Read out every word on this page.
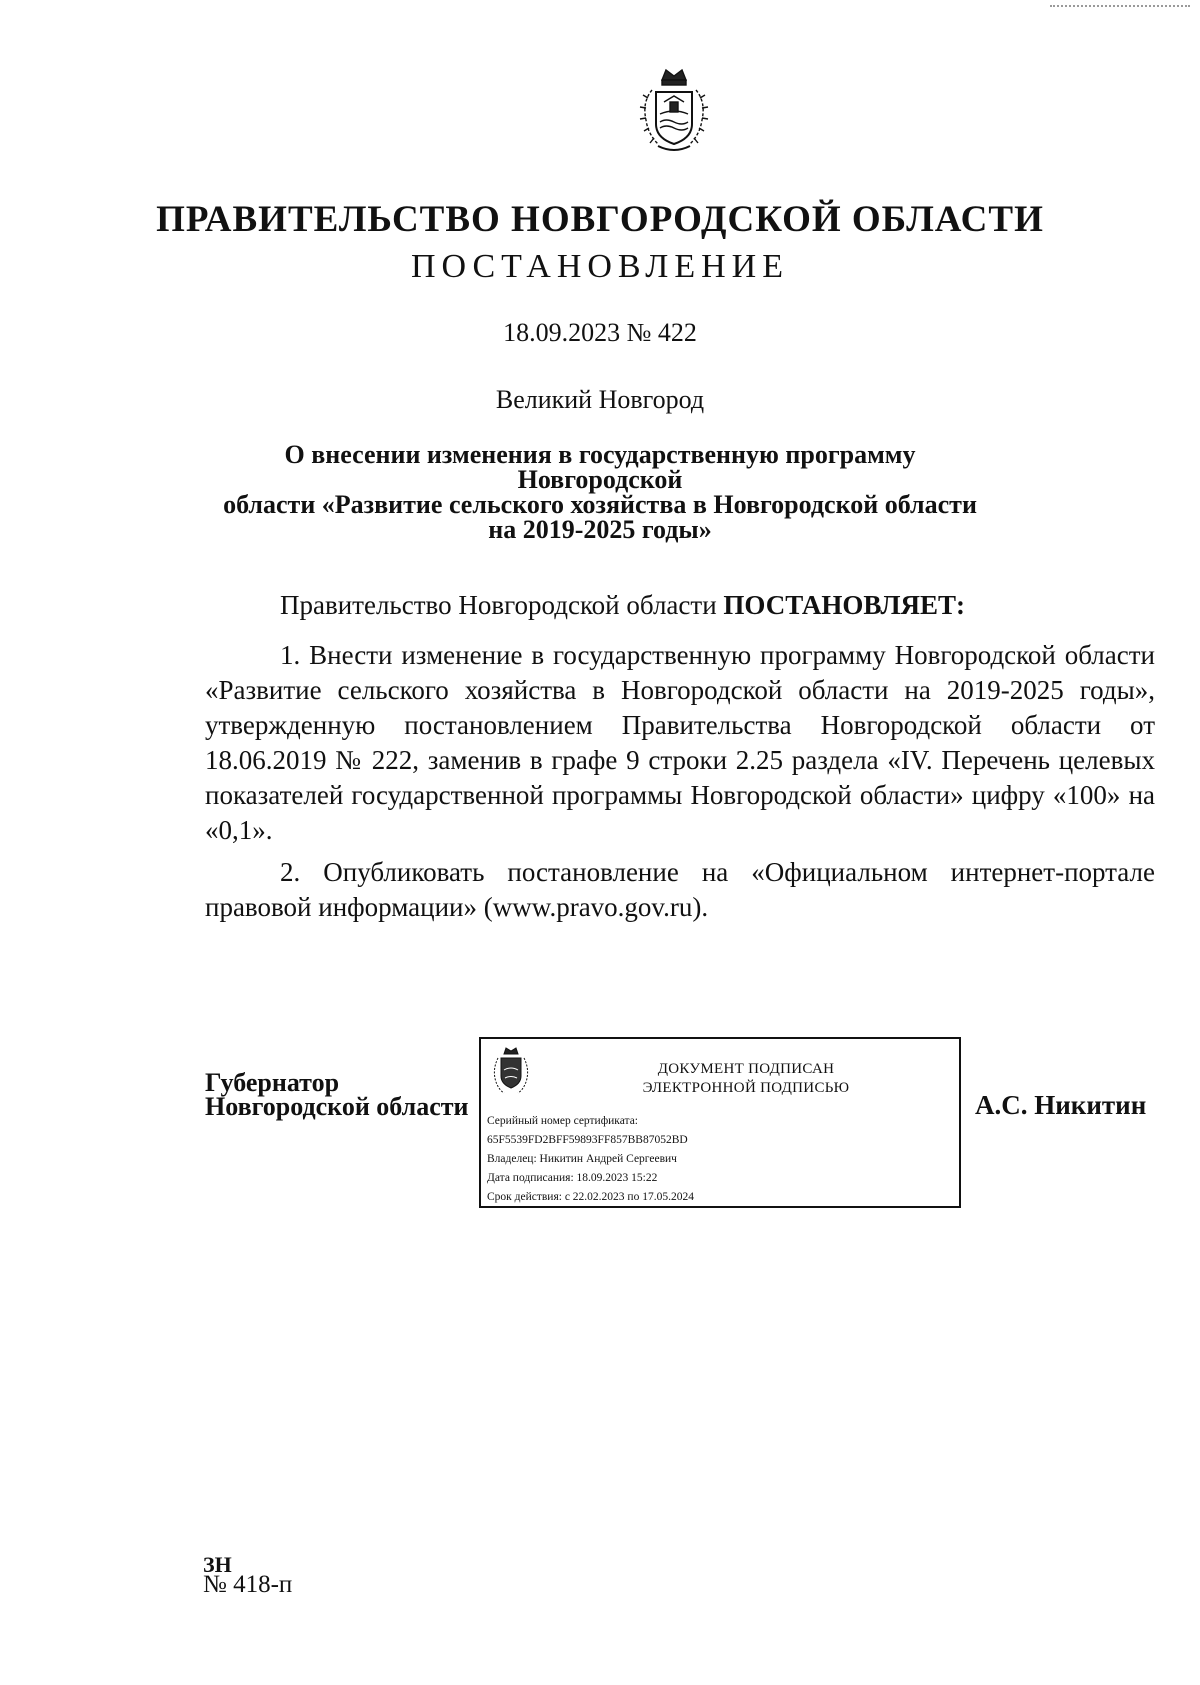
ПРАВИТЕЛЬСТВО НОВГОРОДСКОЙ ОБЛАСТИ
ПОСТАНОВЛЕНИЕ
18.09.2023 № 422
Великий Новгород
О внесении изменения в государственную программу Новгородской
области «Развитие сельского хозяйства в Новгородской области
на 2019-2025 годы»
Правительство Новгородской области ПОСТАНОВЛЯЕТ:

1. Внести изменение в государственную программу Новгородской области «Развитие сельского хозяйства в Новгородской области на 2019-2025 годы», утвержденную постановлением Правительства Новгородской области от 18.06.2019 № 222, заменив в графе 9 строки 2.25 раздела «IV. Перечень целевых показателей государственной программы Новгородской области» цифру «100» на «0,1».

2. Опубликовать постановление на «Официальном интернет-портале правовой информации» (www.pravo.gov.ru).

Губернатор
Новгородской области
ДОКУМЕНТ ПОДПИСАН
ЭЛЕКТРОННОЙ ПОДПИСЬЮ
Серийный номер сертификата:
65F5539FD2BFF59893FF857BB87052BD
Владелец: Никитин Андрей Сергеевич
Дата подписания: 18.09.2023 15:22
Срок действия: с 22.02.2023 по 17.05.2024
А.С. Никитин
ЗН
№ 418-п
